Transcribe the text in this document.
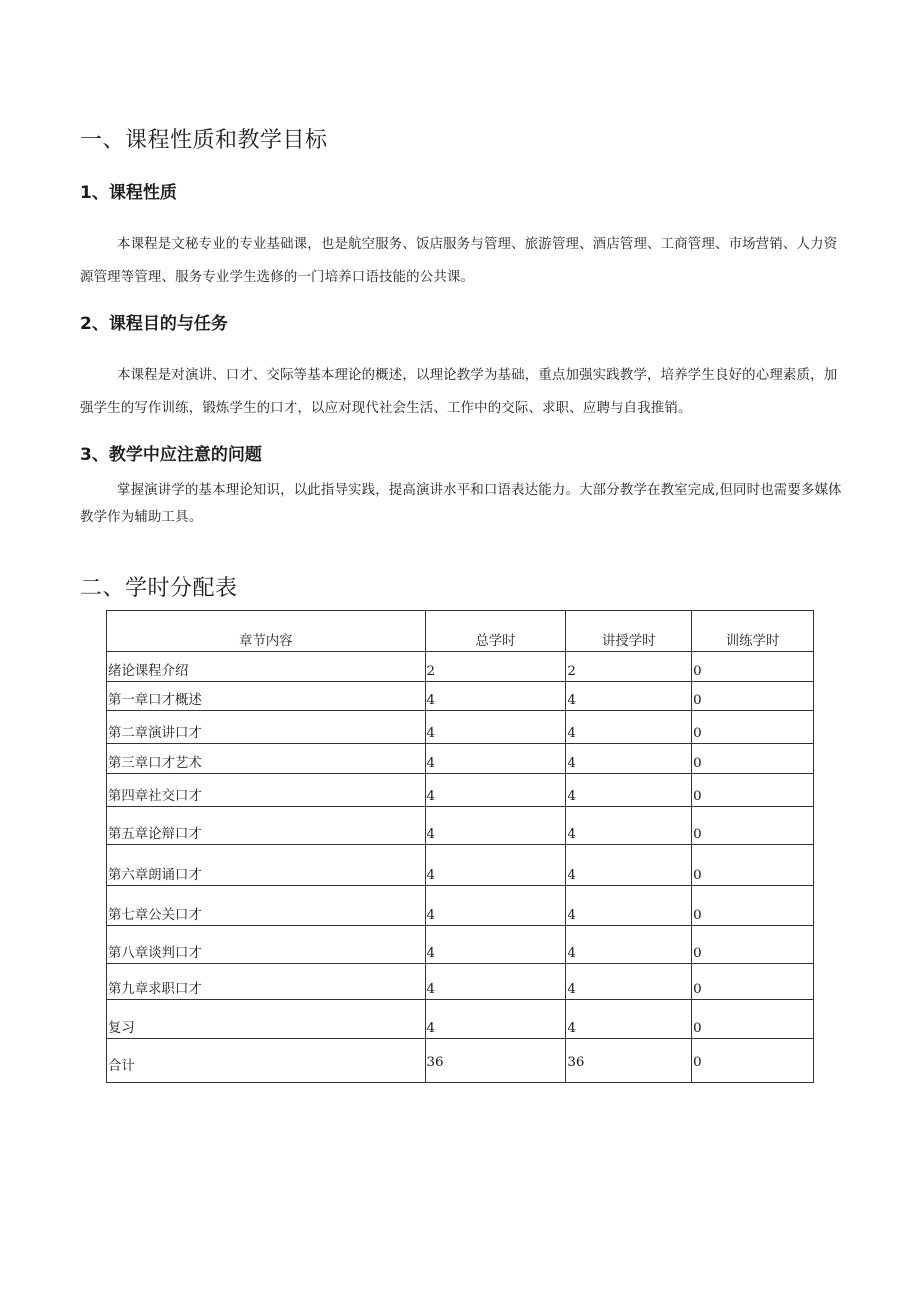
一、课程性质和教学目标
1、课程性质

本课程是文秘专业的专业基础课，也是航空服务、饭店服务与管理、旅游管理、酒店管理、工商管理、市场营销、人力资源管理等管理、服务专业学生选修的一门培养口语技能的公共课。

2、课程目的与任务

本课程是对演讲、口才、交际等基本理论的概述，以理论教学为基础，重点加强实践教学，培养学生良好的心理素质，加强学生的写作训练，锻炼学生的口才，以应对现代社会生活、工作中的交际、求职、应聘与自我推销。

3、教学中应注意的问题

掌握演讲学的基本理论知识，以此指导实践，提高演讲水平和口语表达能力。大部分教学在教室完成,但同时也需要多媒体教学作为辅助工具。

二、学时分配表
章节内容	总学时	讲授学时	训练学时
绪论课程介绍	2	2	0
第一章口才概述	4	4	0
第二章演讲口才	4	4	0
第三章口才艺术	4	4	0
第四章社交口才	4	4	0
第五章论辩口才	4	4	0
第六章朗诵口才	4	4	0
第七章公关口才	4	4	0
第八章谈判口才	4	4	0
第九章求职口才	4	4	0
复习	4	4	0
合计	36	36	0
